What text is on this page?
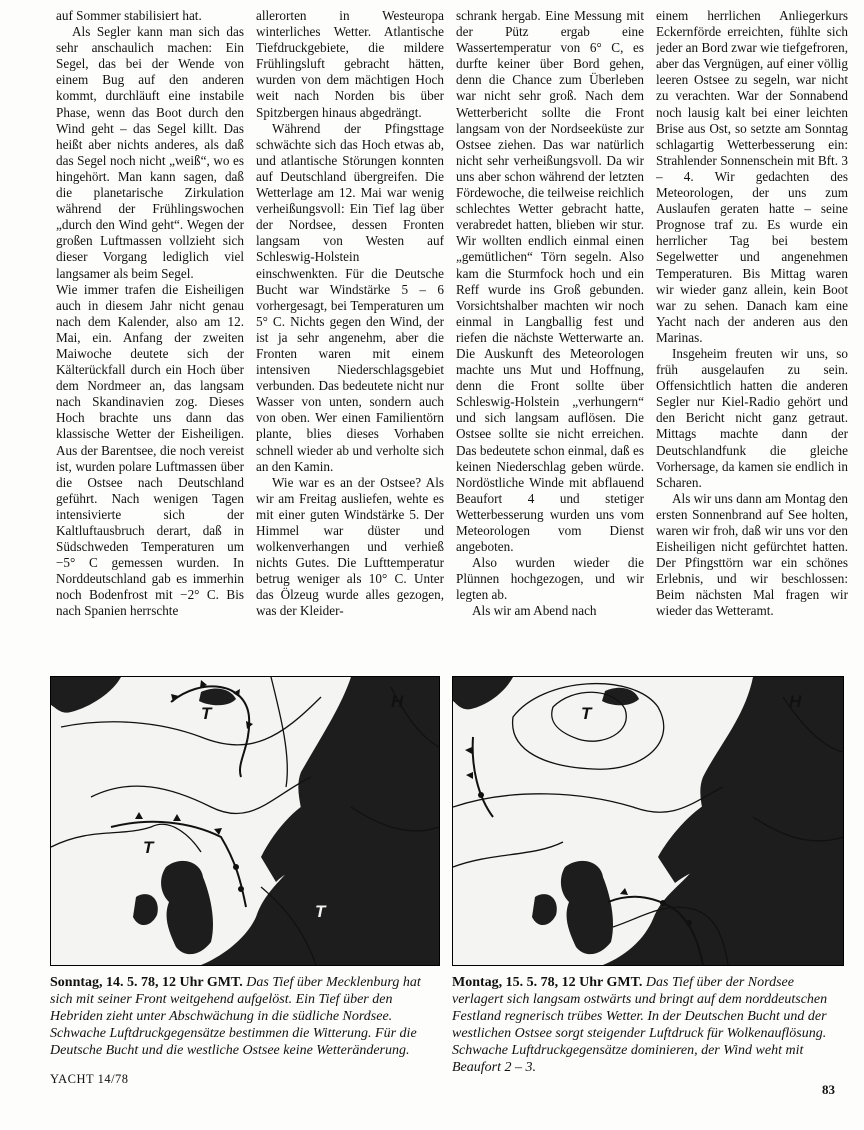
auf Sommer stabilisiert hat.

Als Segler kann man sich das sehr anschaulich machen: Ein Segel, das bei der Wende von einem Bug auf den anderen kommt, durchläuft eine instabile Phase, wenn das Boot durch den Wind geht – das Segel killt. Das heißt aber nichts anderes, als daß das Segel noch nicht „weiß“, wo es hingehört. Man kann sagen, daß die planetarische Zirkulation während der Frühlingswochen „durch den Wind geht“. Wegen der großen Luftmassen vollzieht sich dieser Vorgang lediglich viel langsamer als beim Segel.

Wie immer trafen die Eisheiligen auch in diesem Jahr nicht genau nach dem Kalender, also am 12. Mai, ein. Anfang der zweiten Maiwoche deutete sich der Kälterückfall durch ein Hoch über dem Nordmeer an, das langsam nach Skandinavien zog. Dieses Hoch brachte uns dann das klassische Wetter der Eisheiligen. Aus der Barentsee, die noch vereist ist, wurden polare Luftmassen über die Ostsee nach Deutschland geführt. Nach wenigen Tagen intensivierte sich der Kaltluftausbruch derart, daß in Südschweden Temperaturen um −5° C gemessen wurden. In Norddeutschland gab es immerhin noch Bodenfrost mit −2° C. Bis nach Spanien herrschte

allerorten in Westeuropa winterliches Wetter. Atlantische Tiefdruckgebiete, die mildere Frühlingsluft gebracht hätten, wurden von dem mächtigen Hoch weit nach Norden bis über Spitzbergen hinaus abgedrängt.

Während der Pfingsttage schwächte sich das Hoch etwas ab, und atlantische Störungen konnten auf Deutschland übergreifen. Die Wetterlage am 12. Mai war wenig verheißungsvoll: Ein Tief lag über der Nordsee, dessen Fronten langsam von Westen auf Schleswig-Holstein einschwenkten. Für die Deutsche Bucht war Windstärke 5 – 6 vorhergesagt, bei Temperaturen um 5° C. Nichts gegen den Wind, der ist ja sehr angenehm, aber die Fronten waren mit einem intensiven Niederschlagsgebiet verbunden. Das bedeutete nicht nur Wasser von unten, sondern auch von oben. Wer einen Familientörn plante, blies dieses Vorhaben schnell wieder ab und verholte sich an den Kamin.

Wie war es an der Ostsee? Als wir am Freitag ausliefen, wehte es mit einer guten Windstärke 5. Der Himmel war düster und wolkenverhangen und verhieß nichts Gutes. Die Lufttemperatur betrug weniger als 10° C. Unter das Ölzeug wurde alles gezogen, was der Kleider-

schrank hergab. Eine Messung mit der Pütz ergab eine Wassertemperatur von 6° C, es durfte keiner über Bord gehen, denn die Chance zum Überleben war nicht sehr groß. Nach dem Wetterbericht sollte die Front langsam von der Nordseeküste zur Ostsee ziehen. Das war natürlich nicht sehr verheißungsvoll. Da wir uns aber schon während der letzten Fördewoche, die teilweise reichlich schlechtes Wetter gebracht hatte, verabredet hatten, blieben wir stur. Wir wollten endlich einmal einen „gemütlichen“ Törn segeln. Also kam die Sturmfock hoch und ein Reff wurde ins Groß gebunden. Vorsichtshalber machten wir noch einmal in Langballig fest und riefen die nächste Wetterwarte an. Die Auskunft des Meteorologen machte uns Mut und Hoffnung, denn die Front sollte über Schleswig-Holstein „verhungern“ und sich langsam auflösen. Die Ostsee sollte sie nicht erreichen. Das bedeutete schon einmal, daß es keinen Niederschlag geben würde. Nordöstliche Winde mit abflauend Beaufort 4 und stetiger Wetterbesserung wurden uns vom Meteorologen vom Dienst angeboten.

Also wurden wieder die Plünnen hochgezogen, und wir legten ab.

Als wir am Abend nach

einem herrlichen Anliegerkurs Eckernförde erreichten, fühlte sich jeder an Bord zwar wie tiefgefroren, aber das Vergnügen, auf einer völlig leeren Ostsee zu segeln, war nicht zu verachten. War der Sonnabend noch lausig kalt bei einer leichten Brise aus Ost, so setzte am Sonntag schlagartig Wetterbesserung ein: Strahlender Sonnenschein mit Bft. 3 – 4. Wir gedachten des Meteorologen, der uns zum Auslaufen geraten hatte – seine Prognose traf zu. Es wurde ein herrlicher Tag bei bestem Segelwetter und angenehmen Temperaturen. Bis Mittag waren wir wieder ganz allein, kein Boot war zu sehen. Danach kam eine Yacht nach der anderen aus den Marinas.

Insgeheim freuten wir uns, so früh ausgelaufen zu sein. Offensichtlich hatten die anderen Segler nur Kiel-Radio gehört und den Bericht nicht ganz getraut. Mittags machte dann der Deutschlandfunk die gleiche Vorhersage, da kamen sie endlich in Scharen.

Als wir uns dann am Montag den ersten Sonnenbrand auf See holten, waren wir froh, daß wir uns vor den Eisheiligen nicht gefürchtet hatten. Der Pfingsttörn war ein schönes Erlebnis, und wir beschlossen: Beim nächsten Mal fragen wir wieder das Wetteramt.

T
T
T
H
T
H
Sonntag, 14. 5. 78, 12 Uhr GMT. Das Tief über Mecklenburg hat sich mit seiner Front weitgehend aufgelöst. Ein Tief über den Hebriden zieht unter Abschwächung in die südliche Nordsee. Schwache Luftdruckgegensätze bestimmen die Witterung. Für die Deutsche Bucht und die westliche Ostsee keine Wetteränderung.
Montag, 15. 5. 78, 12 Uhr GMT. Das Tief über der Nordsee verlagert sich langsam ostwärts und bringt auf dem norddeutschen Festland regnerisch trübes Wetter. In der Deutschen Bucht und der westlichen Ostsee sorgt steigender Luftdruck für Wolkenauflösung. Schwache Luftdruckgegensätze dominieren, der Wind weht mit Beaufort 2 – 3.
YACHT 14/78
83
